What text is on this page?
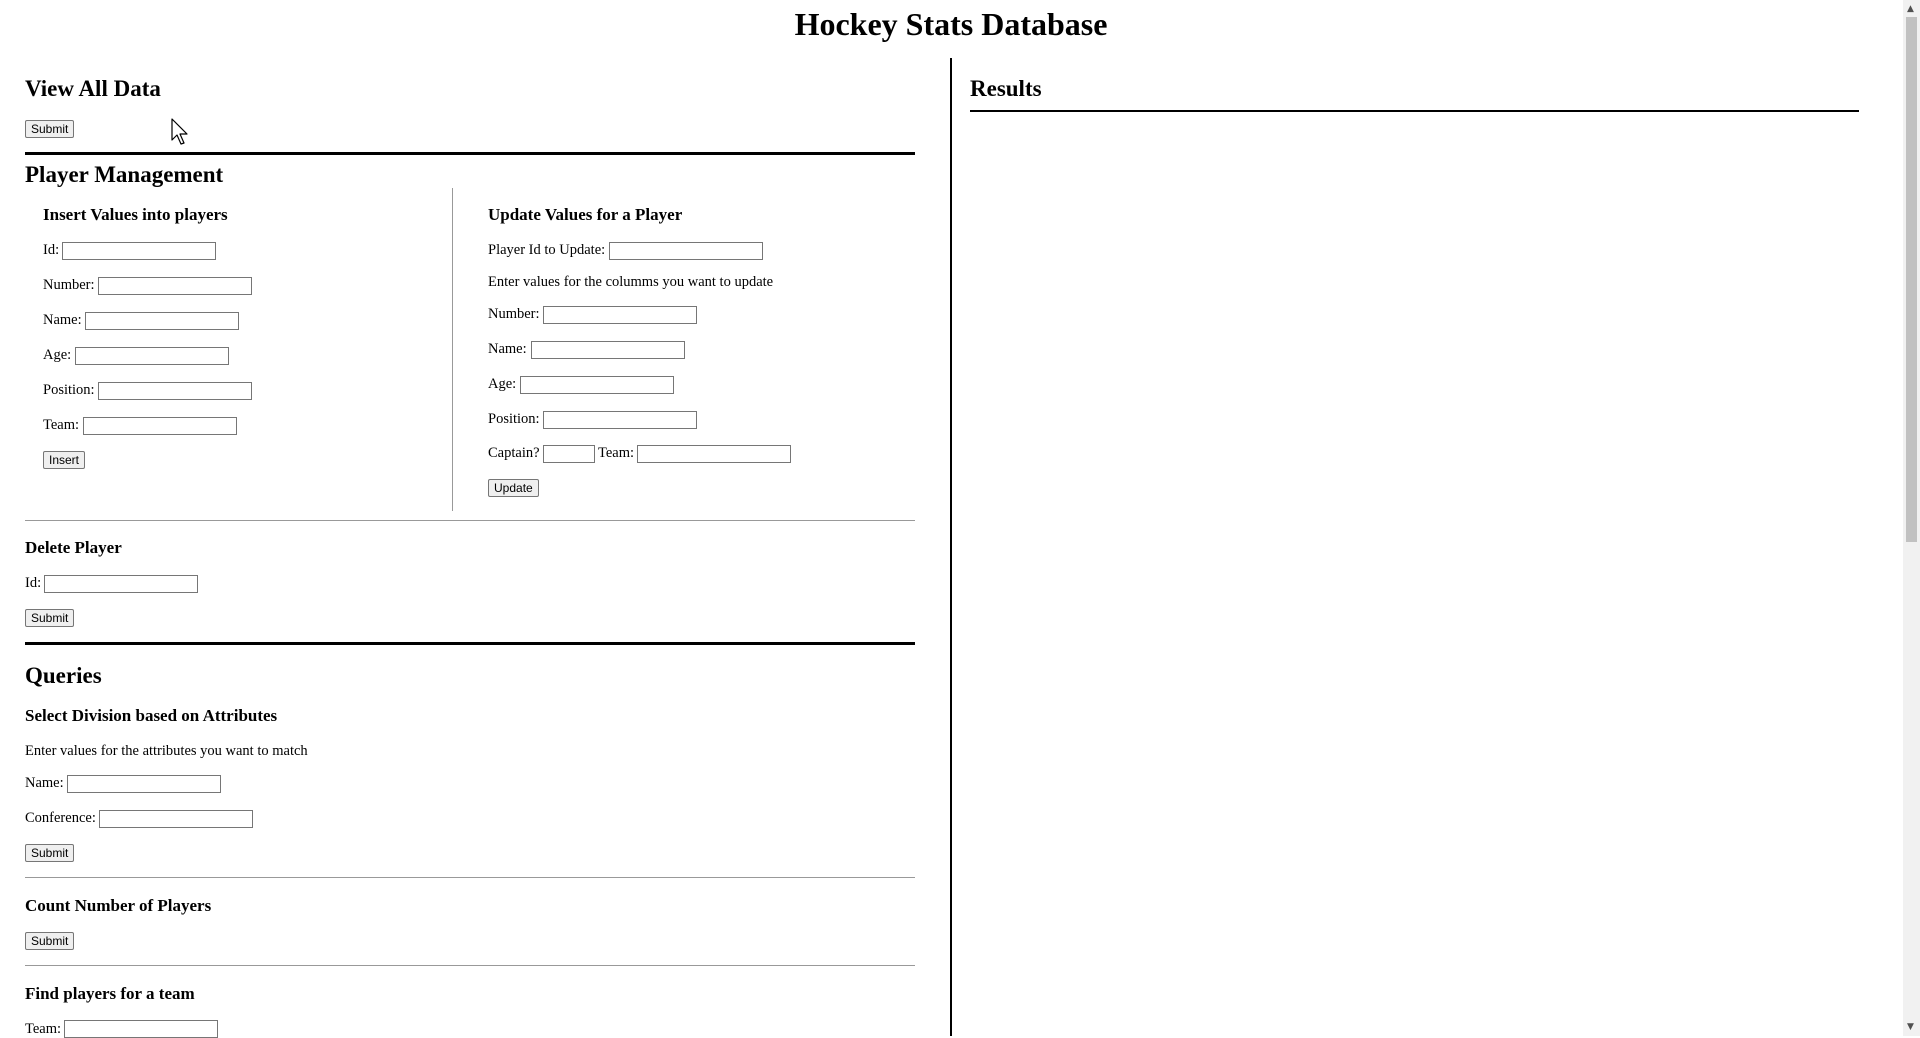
Hockey Stats Database
View All Data
Submit
Player Management
Insert Values into players
Id:
Number:
Name:
Age:
Position:
Team:
Insert
Update Values for a Player
Player Id to Update:
Enter values for the columms you want to update
Number:
Name:
Age:
Position:
Captain?	Team:
Update
Delete Player
Id:
Submit
Queries
Select Division based on Attributes
Enter values for the attributes you want to match
Name:
Conference:
Submit
Count Number of Players
Submit
Find players for a team
Team:
Results
▲
▼
